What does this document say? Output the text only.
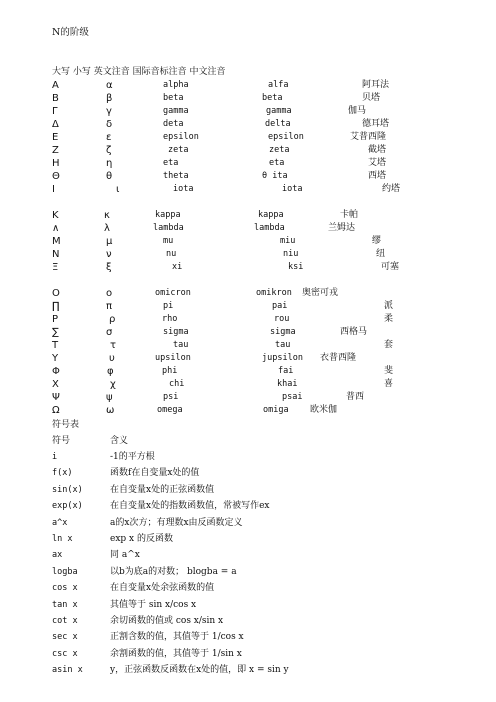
N的阶级
大写 小写 英文注音 国际音标注音 中文注音
Α	α	alpha	alfa	阿耳法
Β	β	beta	beta	贝塔
Γ	γ	gamma	gamma	伽马
Δ	δ	deta	delta	德耳塔
Ε	ε	epsilon	epsilon	艾普西隆
Ζ	ζ	zeta	zeta	截塔
Η	η	eta	eta	艾塔
Θ	θ	theta	θ ita	西塔
Ι	ι	iota	iota	约塔
Κ	κ	kappa	kappa	卡帕
∧	λ	lambda	lambda	兰姆达
Μ	μ	mu	miu	缪
Ν	ν	nu	niu	纽
Ξ	ξ	xi	ksi	可塞
Ο	ο	omicron	omikron 奥密可戎
∏	π	pi	pai	派
Ρ	ρ	rho	rou	柔
∑	σ	sigma	sigma	西格马
Τ	τ	tau	tau	套
Υ	υ	upsilon	jupsilon 衣普西隆
Φ	φ	phi	fai	斐
Χ	χ	chi	khai	喜
Ψ	ψ	psi	psai	普西
Ω	ω	omega	omiga 欧米伽
符号表
符号	含义
i	-1的平方根
f(x)	函数f在自变量x处的值
sin(x)	在自变量x处的正弦函数值
exp(x)	在自变量x处的指数函数值，常被写作ex
a^x	a的x次方；有理数x由反函数定义
ln x	exp x 的反函数
ax	同 a^x
logba	以b为底a的对数； blogba = a
cos x	在自变量x处余弦函数的值
tan x	其值等于 sin x/cos x
cot x	余切函数的值或 cos x/sin x
sec x	正割含数的值，其值等于 1/cos x
csc x	余割函数的值，其值等于 1/sin x
asin x	y，正弦函数反函数在x处的值，即 x = sin y
